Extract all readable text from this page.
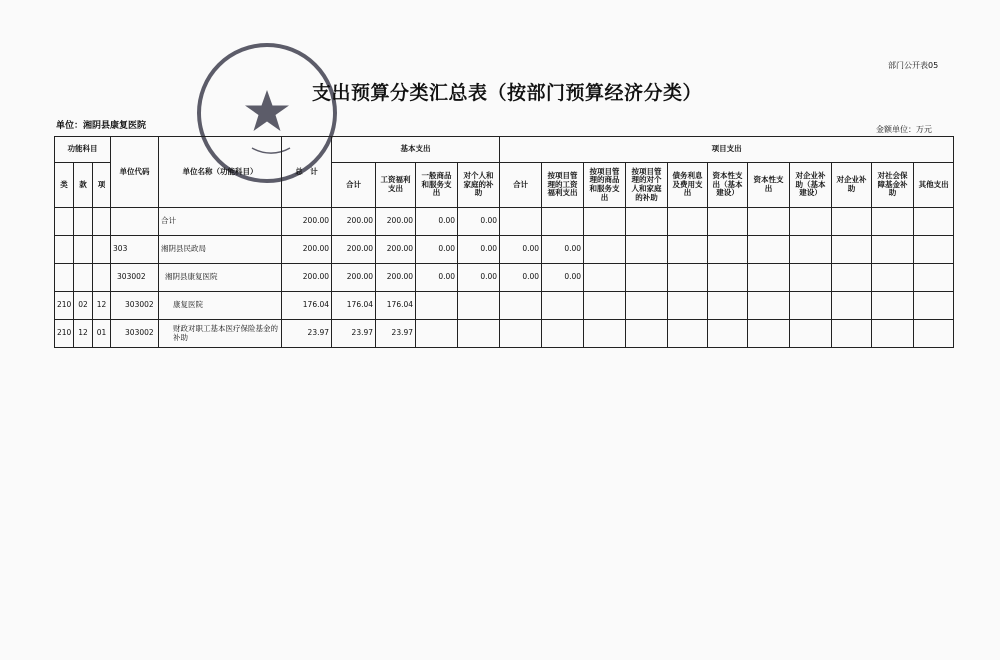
部门公开表05
支出预算分类汇总表（按部门预算经济分类）
单位：湘阴县康复医院	金额单位：万元
功能科目			单位代码	单位名称（功能科目）	总　计	基本支出				项目支出										
类	款	项				合计	工资福利支出	一般商品和服务支出	对个人和家庭的补助	合计	按项目管理的工资福利支出	按项目管理的商品和服务支出	按项目管理的对个人和家庭的补助	债务利息及费用支出	资本性支出（基本建设）	资本性支出	对企业补助（基本建设）	对企业补助	对社会保障基金补助	其他支出
				合计	200.00	200.00	200.00	0.00	0.00											
			303	湘阴县民政局	200.00	200.00	200.00	0.00	0.00	0.00	0.00									
			303002	湘阴县康复医院	200.00	200.00	200.00	0.00	0.00	0.00	0.00									
210	02	12	303002	康复医院	176.04	176.04	176.04													
210	12	01	303002	财政对职工基本医疗保险基金的补助	23.97	23.97	23.97													
